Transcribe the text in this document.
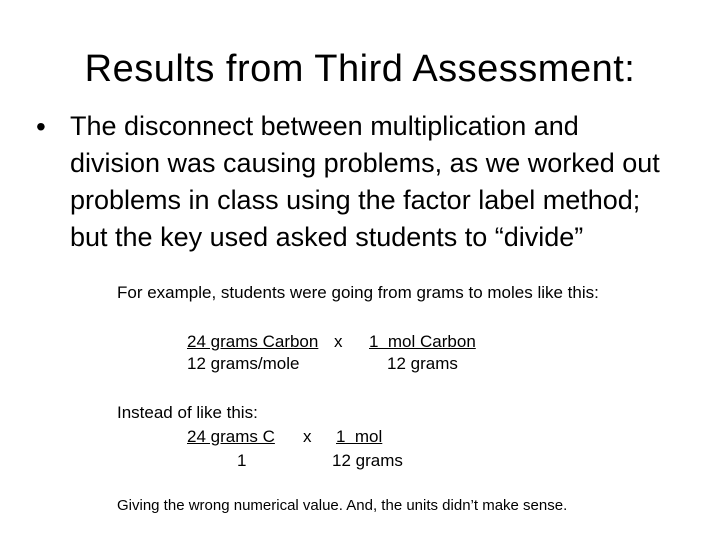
Results from Third Assessment:
• The disconnect between multiplication and division was causing problems, as we worked out problems in class using the factor label method; but the key used asked students to “divide”
For example, students were going from grams to moles like this:
24 grams Carbon x 1  mol Carbon
12 grams/mole	12 grams
Instead of like this:
24 grams C x 1  mol
1	12 grams
Giving the wrong numerical value. And, the units didn’t make sense.
